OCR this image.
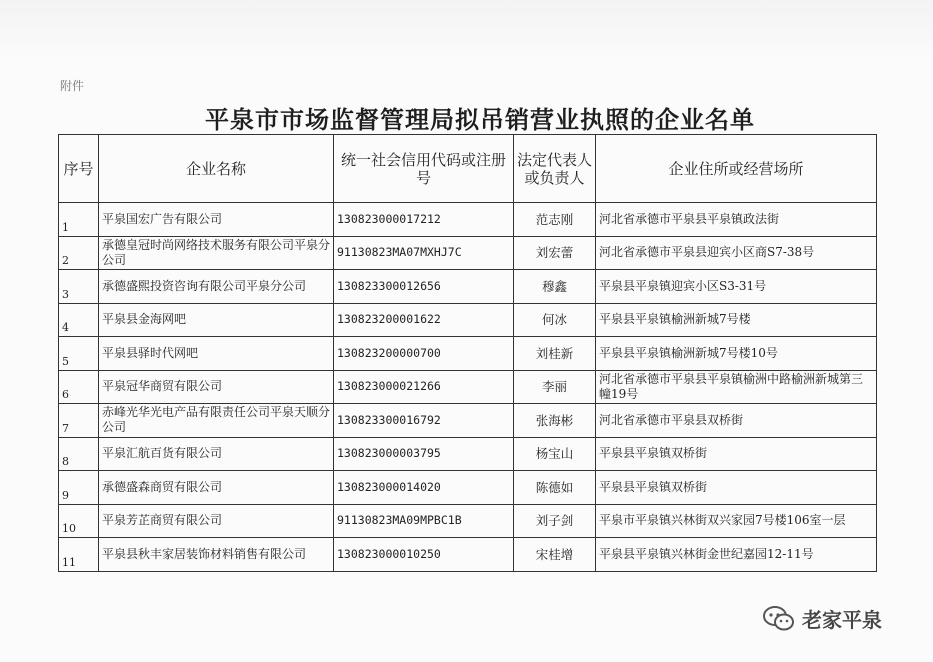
附件
平泉市市场监督管理局拟吊销营业执照的企业名单
序号	企业名称	统一社会信用代码或注册号	法定代表人或负责人	企业住所或经营场所
1	平泉国宏广告有限公司	130823000017212	范志刚	河北省承德市平泉县平泉镇政法街
2	承德皇冠时尚网络技术服务有限公司平泉分公司	91130823MA07MXHJ7C	刘宏蕾	河北省承德市平泉县迎宾小区商S7-38号
3	承德盛熙投资咨询有限公司平泉分公司	130823300012656	穆鑫	平泉县平泉镇迎宾小区S3-31号
4	平泉县金海网吧	130823200001622	何冰	平泉县平泉镇榆洲新城7号楼
5	平泉县驿时代网吧	130823200000700	刘桂新	平泉县平泉镇榆洲新城7号楼10号
6	平泉冠华商贸有限公司	130823000021266	李丽	河北省承德市平泉县平泉镇榆洲中路榆洲新城第三幢19号
7	赤峰光华光电产品有限责任公司平泉天顺分公司	130823300016792	张海彬	河北省承德市平泉县双桥街
8	平泉汇航百货有限公司	130823000003795	杨宝山	平泉县平泉镇双桥街
9	承德盛森商贸有限公司	130823000014020	陈德如	平泉县平泉镇双桥街
10	平泉芳芷商贸有限公司	91130823MA09MPBC1B	刘子剑	平泉市平泉镇兴林街双兴家园7号楼106室一层
11	平泉县秋丰家居装饰材料销售有限公司	130823000010250	宋桂增	平泉县平泉镇兴林街金世纪嘉园12-11号
老家平泉
